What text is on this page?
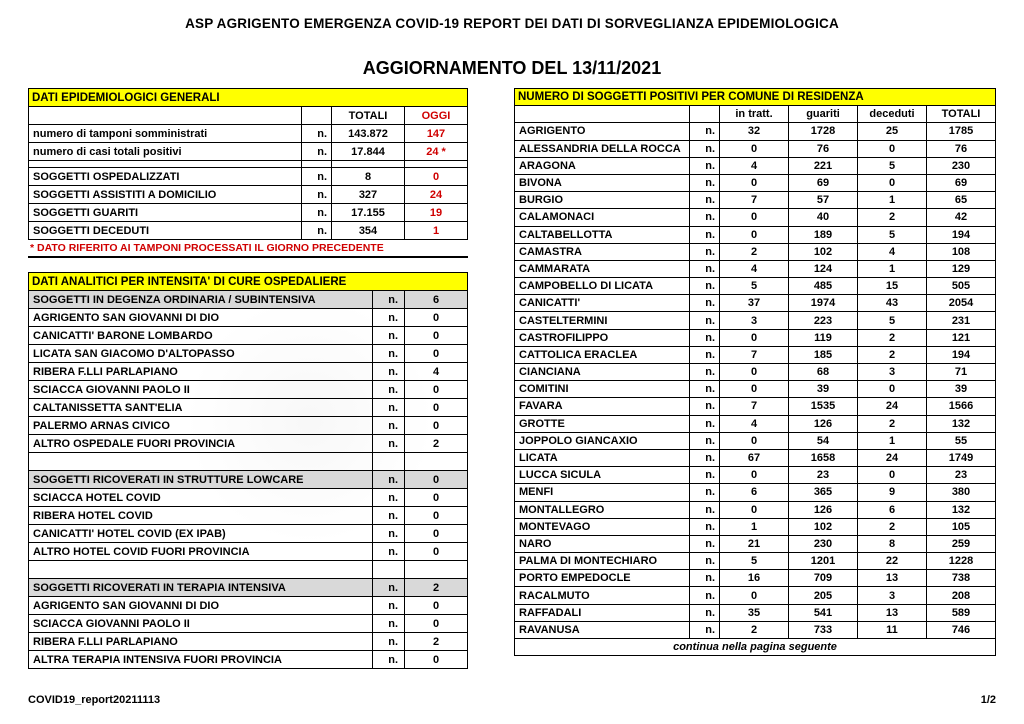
ASP AGRIGENTO EMERGENZA COVID-19 REPORT DEI DATI DI SORVEGLIANZA EPIDEMIOLOGICA
AGGIORNAMENTO DEL 13/11/2021
DATI EPIDEMIOLOGICI GENERALI			
		TOTALI	OGGI
numero di tamponi somministrati	n.	143.872	147
numero di casi totali positivi	n.	17.844	24 *

SOGGETTI OSPEDALIZZATI	n.	8	0
SOGGETTI ASSISTITI A DOMICILIO	n.	327	24
SOGGETTI GUARITI	n.	17.155	19
SOGGETTI DECEDUTI	n.	354	1
* DATO RIFERITO AI TAMPONI PROCESSATI IL GIORNO PRECEDENTE
DATI ANALITICI PER INTENSITA' DI CURE OSPEDALIERE		
SOGGETTI IN DEGENZA ORDINARIA / SUBINTENSIVA	n.	6
AGRIGENTO SAN GIOVANNI DI DIO	n.	0
CANICATTI' BARONE LOMBARDO	n.	0
LICATA SAN GIACOMO D'ALTOPASSO	n.	0
RIBERA F.LLI PARLAPIANO	n.	4
SCIACCA GIOVANNI PAOLO II	n.	0
CALTANISSETTA SANT'ELIA	n.	0
PALERMO ARNAS CIVICO	n.	0
ALTRO OSPEDALE FUORI PROVINCIA	n.	2

SOGGETTI RICOVERATI IN STRUTTURE LOWCARE	n.	0
SCIACCA HOTEL COVID	n.	0
RIBERA HOTEL COVID	n.	0
CANICATTI' HOTEL COVID (EX IPAB)	n.	0
ALTRO HOTEL COVID FUORI PROVINCIA	n.	0

SOGGETTI RICOVERATI IN TERAPIA INTENSIVA	n.	2
AGRIGENTO SAN GIOVANNI DI DIO	n.	0
SCIACCA GIOVANNI PAOLO II	n.	0
RIBERA F.LLI PARLAPIANO	n.	2
ALTRA TERAPIA INTENSIVA FUORI PROVINCIA	n.	0
NUMERO DI SOGGETTI POSITIVI PER COMUNE DI RESIDENZA					
		in tratt.	guariti	deceduti	TOTALI
AGRIGENTO	n.	32	1728	25	1785
ALESSANDRIA DELLA ROCCA	n.	0	76	0	76
ARAGONA	n.	4	221	5	230
BIVONA	n.	0	69	0	69
BURGIO	n.	7	57	1	65
CALAMONACI	n.	0	40	2	42
CALTABELLOTTA	n.	0	189	5	194
CAMASTRA	n.	2	102	4	108
CAMMARATA	n.	4	124	1	129
CAMPOBELLO DI LICATA	n.	5	485	15	505
CANICATTI'	n.	37	1974	43	2054
CASTELTERMINI	n.	3	223	5	231
CASTROFILIPPO	n.	0	119	2	121
CATTOLICA ERACLEA	n.	7	185	2	194
CIANCIANA	n.	0	68	3	71
COMITINI	n.	0	39	0	39
FAVARA	n.	7	1535	24	1566
GROTTE	n.	4	126	2	132
JOPPOLO GIANCAXIO	n.	0	54	1	55
LICATA	n.	67	1658	24	1749
LUCCA SICULA	n.	0	23	0	23
MENFI	n.	6	365	9	380
MONTALLEGRO	n.	0	126	6	132
MONTEVAGO	n.	1	102	2	105
NARO	n.	21	230	8	259
PALMA DI MONTECHIARO	n.	5	1201	22	1228
PORTO EMPEDOCLE	n.	16	709	13	738
RACALMUTO	n.	0	205	3	208
RAFFADALI	n.	35	541	13	589
RAVANUSA	n.	2	733	11	746
continua nella pagina seguente					
COVID19_report20211113	1/2
